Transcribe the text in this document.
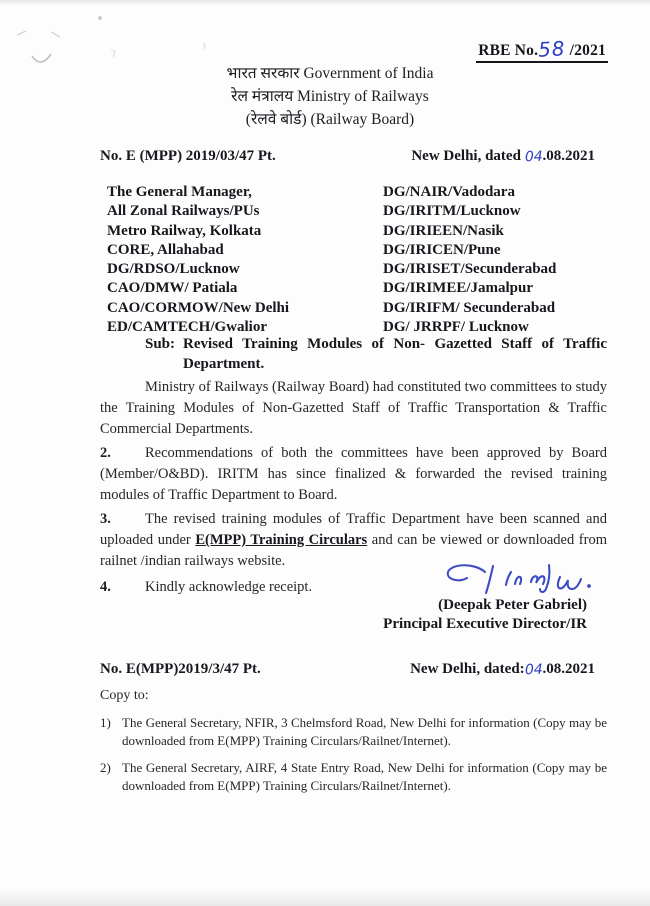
RBE No.58 /2021
भारत सरकार Government of India
रेल मंत्रालय Ministry of Railways
(रेलवे बोर्ड) (Railway Board)
No. E (MPP) 2019/03/47 Pt.	New Delhi, dated 04.08.2021
The General Manager,
All Zonal Railways/PUs
Metro Railway, Kolkata
CORE, Allahabad
DG/RDSO/Lucknow
CAO/DMW/ Patiala
CAO/CORMOW/New Delhi
ED/CAMTECH/Gwalior
DG/NAIR/Vadodara
DG/IRITM/Lucknow
DG/IRIEEN/Nasik
DG/IRICEN/Pune
DG/IRISET/Secunderabad
DG/IRIMEE/Jamalpur
DG/IRIFM/ Secunderabad
DG/ JRRPF/ Lucknow
Sub: Revised Training Modules of Non- Gazetted Staff of Traffic Department.

Ministry of Railways (Railway Board) had constituted two committees to study the Training Modules of Non-Gazetted Staff of Traffic Transportation & Traffic Commercial Departments.

2. Recommendations of both the committees have been approved by Board (Member/O&BD). IRITM has since finalized & forwarded the revised training modules of Traffic Department to Board.

3. The revised training modules of Traffic Department have been scanned and uploaded under E(MPP) Training Circulars and can be viewed or downloaded from railnet /indian railways website.

4. Kindly acknowledge receipt.

(Deepak Peter Gabriel)
Principal Executive Director/IR
No. E(MPP)2019/3/47 Pt.	New Delhi, dated:04.08.2021
Copy to:
1) The General Secretary, NFIR, 3 Chelmsford Road, New Delhi for information (Copy may be downloaded from E(MPP) Training Circulars/Railnet/Internet).
2) The General Secretary, AIRF, 4 State Entry Road, New Delhi for information (Copy may be downloaded from E(MPP) Training Circulars/Railnet/Internet).
